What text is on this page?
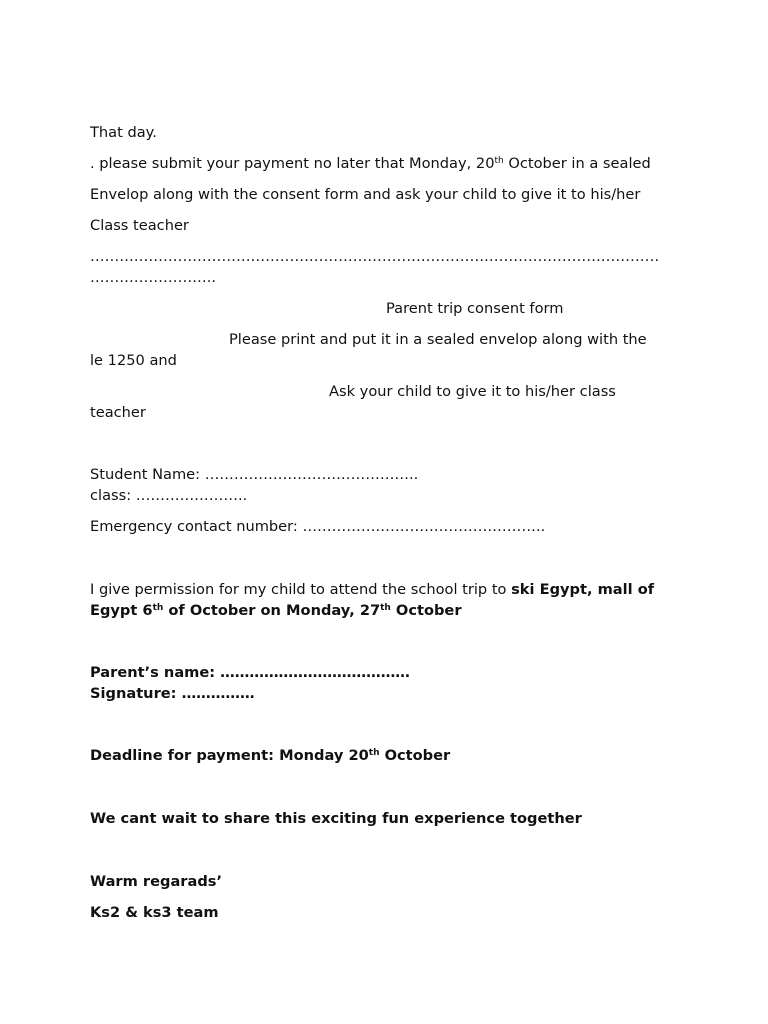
That day.

. please submit your payment no later that Monday, 20th October in a sealed

Envelop along with the consent form and ask your child to give it to his/her

Class teacher

………………………………………………………………………………………………………

……………………..

Parent trip consent form

Please print and put it in a sealed envelop along with the

le 1250 and

Ask your child to give it to his/her class

teacher

Student Name: ……………………………………..

class: …………………..

Emergency contact number: …………………………………………..

I give permission for my child to attend the school trip to ski Egypt, mall of

Egypt 6th of October on Monday, 27th October

Parent’s name: …………………………………

Signature: ……………

Deadline for payment: Monday 20th October

We cant wait to share this exciting fun experience together

Warm regarads’

Ks2 & ks3 team
